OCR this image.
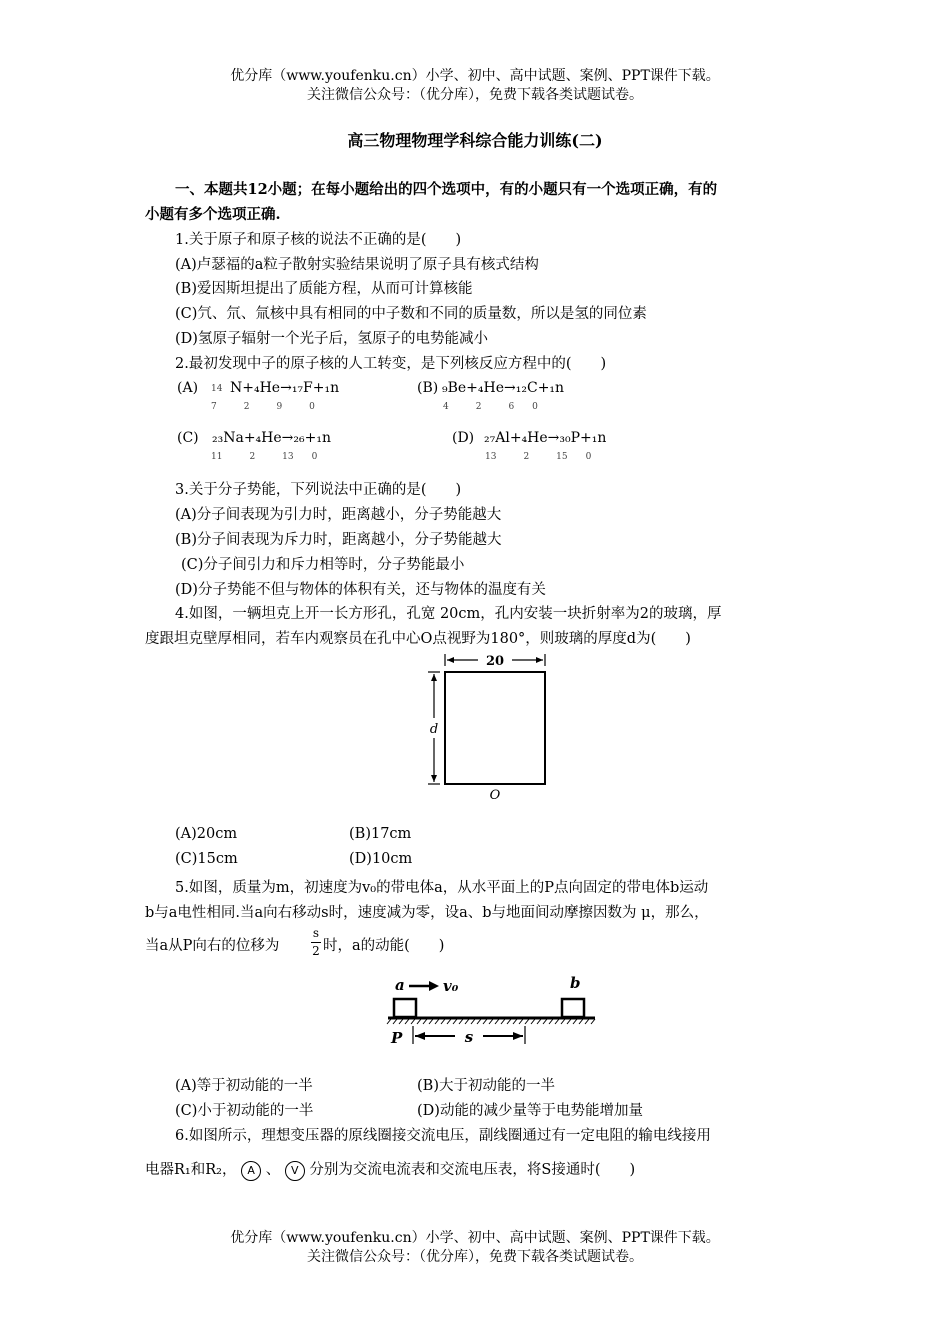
优分库（www.youfenku.cn）小学、初中、高中试题、案例、PPT课件下载。
关注微信公众号：（优分库），免费下载各类试题试卷。
高三物理物理学科综合能力训练(二)
一、本题共12小题；在每小题给出的四个选项中，有的小题只有一个选项正确，有的
小题有多个选项正确.
1.关于原子和原子核的说法不正确的是(　　)
(A)卢瑟福的a粒子散射实验结果说明了原子具有核式结构
(B)爱因斯坦提出了质能方程，从而可计算核能
(C)氕、氘、氚核中具有相同的中子数和不同的质量数，所以是氢的同位素
(D)氢原子辐射一个光子后，氢原子的电势能减小
2.最初发现中子的原子核的人工转变，是下列核反应方程中的(　　)
(A) 14 N+₄He→₁₇F+₁n
7　　　2　　　9　　　0
(B) ₉Be+₄He→₁₂C+₁n
4　　　2　　　6　　0
(C) ₂₃Na+₄He→₂₆+₁n
11　　　2　　　13　　0
(D) ₂₇Al+₄He→₃₀P+₁n
13　　　2　　　15　　0
3.关于分子势能，下列说法中正确的是(　　)
(A)分子间表现为引力时，距离越小，分子势能越大
(B)分子间表现为斥力时，距离越小，分子势能越大
(C)分子间引力和斥力相等时，分子势能最小
(D)分子势能不但与物体的体积有关，还与物体的温度有关
4.如图，一辆坦克上开一长方形孔，孔宽 20cm，孔内安装一块折射率为2的玻璃，厚
度跟坦克壁厚相同，若车内观察员在孔中心O点视野为180°，则玻璃的厚度d为(　　)
20
d
O
(A)20cm	(B)17cm
(C)15cm	(D)10cm
5.如图，质量为m，初速度为v₀的带电体a，从水平面上的P点向固定的带电体b运动
b与a电性相同.当a向右移动s时，速度减为零，设a、b与地面间动摩擦因数为 μ，那么，
当a从P向右的位移为
s
2 时，a的动能(　　)
a	v₀	b
P	s
(A)等于初动能的一半	(B)大于初动能的一半
(C)小于初动能的一半	(D)动能的减少量等于电势能增加量
6.如图所示，理想变压器的原线圈接交流电压，副线圈通过有一定电阻的输电线接用
电器R₁和R₂， A 、 V 分别为交流电流表和交流电压表，将S接通时(　　)
优分库（www.youfenku.cn）小学、初中、高中试题、案例、PPT课件下载。
关注微信公众号：（优分库），免费下载各类试题试卷。
